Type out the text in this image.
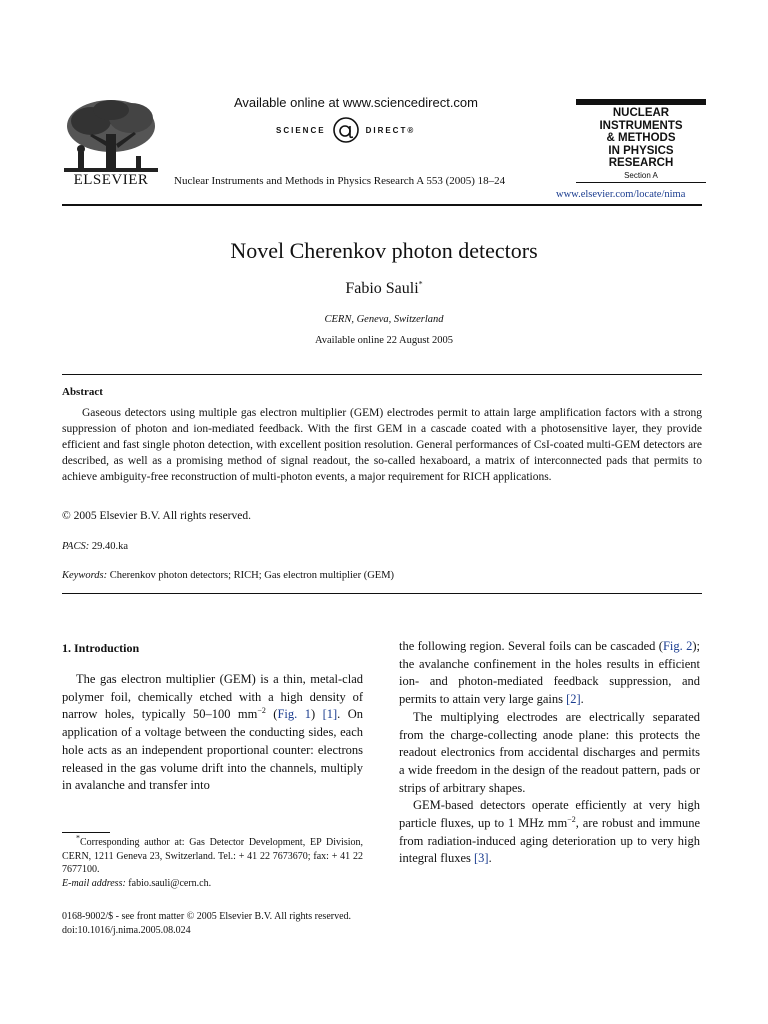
ELSEVIER
Available online at www.sciencedirect.com
SCIENCE	DIRECT ®
Nuclear Instruments and Methods in Physics Research A 553 (2005) 18–24
NUCLEAR
INSTRUMENTS
& METHODS
IN PHYSICS
RESEARCH
Section A
www.elsevier.com/locate/nima
Novel Cherenkov photon detectors
Fabio Sauli*
CERN, Geneva, Switzerland
Available online 22 August 2005
Abstract
Gaseous detectors using multiple gas electron multiplier (GEM) electrodes permit to attain large amplification factors with a strong suppression of photon and ion-mediated feedback. With the first GEM in a cascade coated with a photosensitive layer, they provide efficient and fast single photon detection, with excellent position resolution. General performances of CsI-coated multi-GEM detectors are described, as well as a promising method of signal readout, the so-called hexaboard, a matrix of interconnected pads that permits to achieve ambiguity-free reconstruction of multi-photon events, a major requirement for RICH applications.
© 2005 Elsevier B.V. All rights reserved.
PACS: 29.40.ka
Keywords: Cherenkov photon detectors; RICH; Gas electron multiplier (GEM)
1. Introduction
The gas electron multiplier (GEM) is a thin, metal-clad polymer foil, chemically etched with a high density of narrow holes, typically 50–100 $mm^{-2}$ (Fig. 1) [1]. On application of a voltage between the conducting sides, each hole acts as an independent proportional counter: electrons released in the gas volume drift into the channels, multiply in avalanche and transfer into
the following region. Several foils can be cascaded (Fig. 2); the avalanche confinement in the holes results in efficient ion- and photon-mediated feedback suppression, and permits to attain very large gains [2].
The multiplying electrodes are electrically separated from the charge-collecting anode plane: this protects the readout electronics from accidental discharges and permits a wide freedom in the design of the readout pattern, pads or strips of arbitrary shapes.
GEM-based detectors operate efficiently at very high particle fluxes, up to 1 MHz $mm^{-2}$, are robust and immune from radiation-induced aging deterioration up to very high integral fluxes [3].
*Corresponding author at: Gas Detector Development, EP Division, CERN, 1211 Geneva 23, Switzerland. Tel.: + 41 22 7673670; fax: + 41 22 7677100.
E-mail address: fabio.sauli@cern.ch.
0168-9002/$ - see front matter © 2005 Elsevier B.V. All rights reserved.
doi:10.1016/j.nima.2005.08.024
